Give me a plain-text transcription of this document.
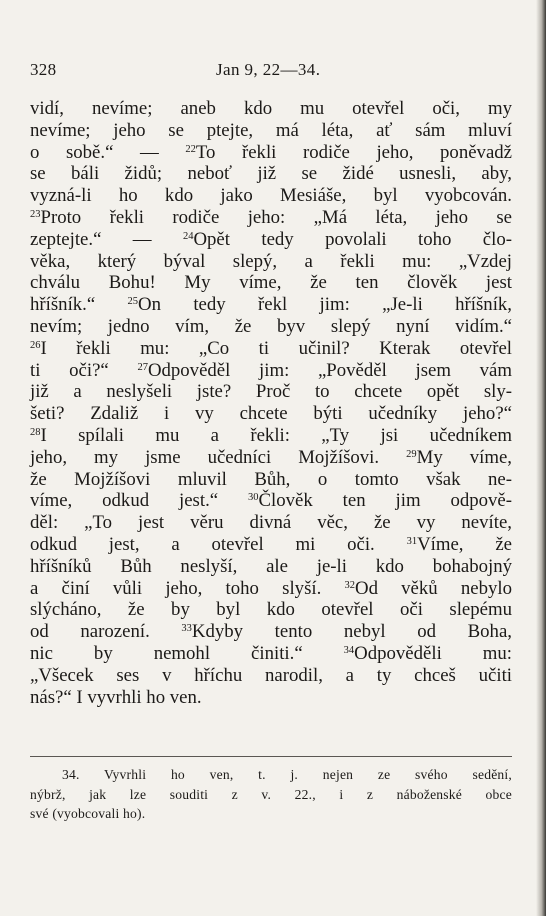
328	Jan 9, 22—34.
vidí, nevíme; aneb kdo mu otevřel oči, my
nevíme; jeho se ptejte, má léta, ať sám mluví
o sobě.“ — $^{22}$To řekli rodiče jeho, poněvadž
se báli židů; neboť již se židé usnesli, aby,
vyzná-li ho kdo jako Mesiáše, byl vyobcován.
$^{23}$Proto řekli rodiče jeho: „Má léta, jeho se
zeptejte.“ — $^{24}$Opět tedy povolali toho člo-
věka, který býval slepý, a řekli mu: „Vzdej
chválu Bohu! My víme, že ten člověk jest
hříšník.“ $^{25}$On tedy řekl jim: „Je-li hříšník,
nevím; jedno vím, že byv slepý nyní vidím.“
$^{26}$I řekli mu: „Co ti učinil? Kterak otevřel
ti oči?“ $^{27}$Odpověděl jim: „Pověděl jsem vám
již a neslyšeli jste? Proč to chcete opět sly-
šeti? Zdaliž i vy chcete býti učedníky jeho?“
$^{28}$I spílali mu a řekli: „Ty jsi učedníkem
jeho, my jsme učedníci Mojžíšovi. $^{29}$My víme,
že Mojžíšovi mluvil Bůh, o tomto však ne-
víme, odkud jest.“ $^{30}$Člověk ten jim odpově-
děl: „To jest věru divná věc, že vy nevíte,
odkud jest, a otevřel mi oči. $^{31}$Víme, že
hříšníků Bůh neslyší, ale je-li kdo bohabojný
a činí vůli jeho, toho slyší. $^{32}$Od věků nebylo
slýcháno, že by byl kdo otevřel oči slepému
od narození. $^{33}$Kdyby tento nebyl od Boha,
nic by nemohl činiti.“ $^{34}$Odpověděli mu:
„Všecek ses v hříchu narodil, a ty chceš učiti
nás?“ I vyvrhli ho ven.
34. Vyvrhli ho ven, t. j. nejen ze svého sedění,
nýbrž, jak lze souditi z v. 22., i z náboženské obce
své (vyobcovali ho).
